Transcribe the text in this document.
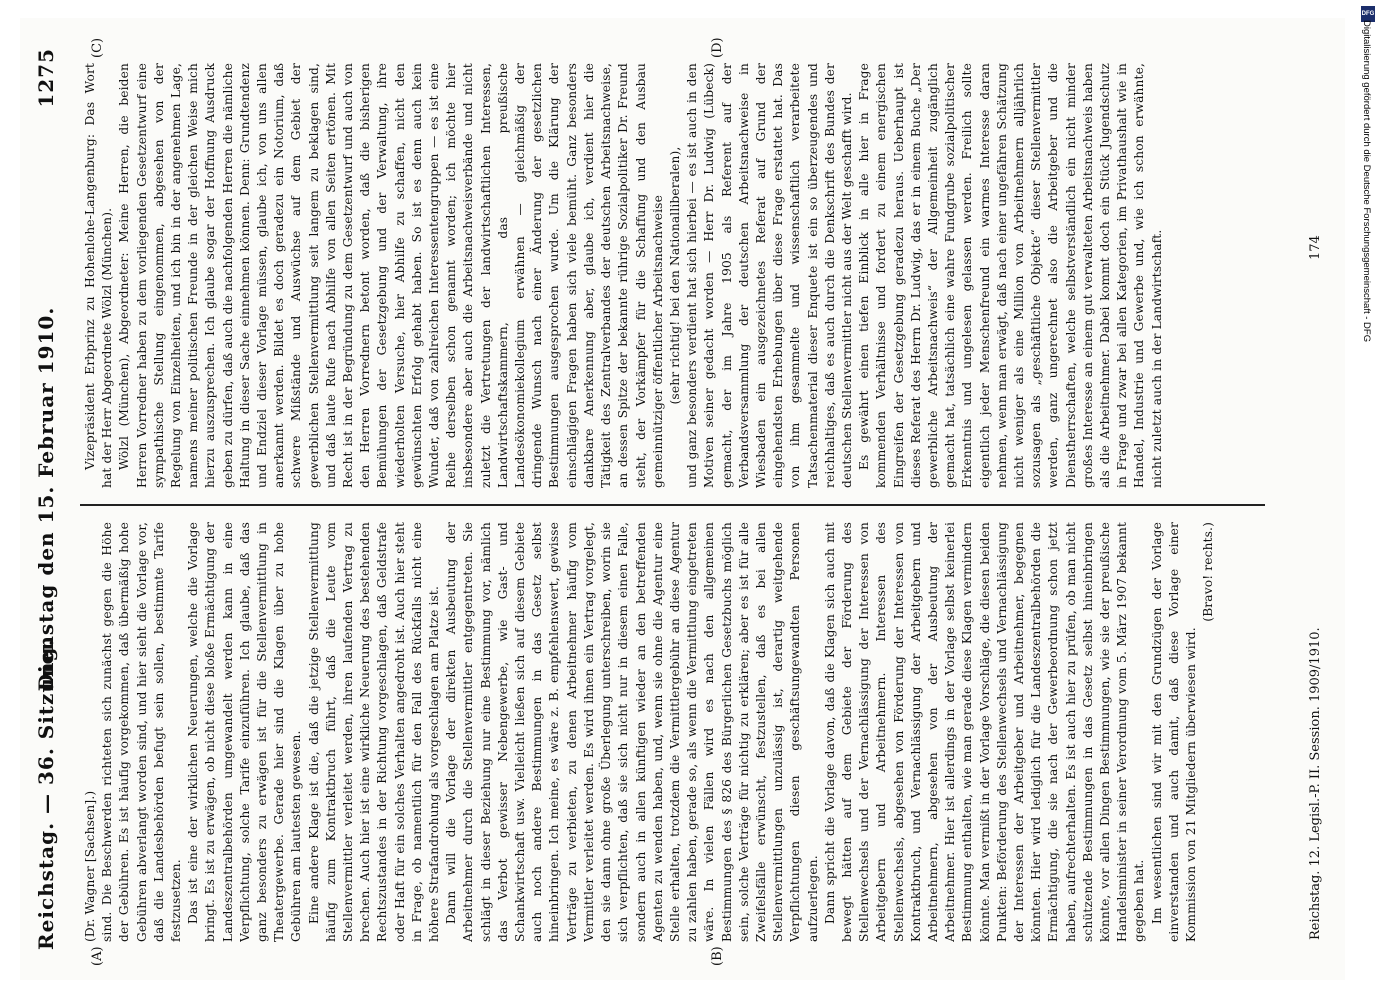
Reichstag. — 36. Sitzung.
Dienstag den 15. Februar 1910.
1275
(A)	(B)
(C)	(D)

(Dr. Wagner [Sachsen].) sind. Die Beschwerden richteten sich zunächst gegen die Höhe der Gebühren. Es ist häufig vorgekommen, daß übermäßig hohe Gebühren abverlangt worden sind, und hier sieht die Vorlage vor, daß die Landesbehörden befugt sein sollen, bestimmte Tarife festzusetzen. Das ist eine der wirklichen Neuerungen, welche die Vorlage bringt. Es ist zu erwägen, ob nicht diese bloße Ermächtigung der Landeszentralbehörden umgewandelt werden kann in eine Verpflichtung, solche Tarife einzuführen. Ich glaube, daß das ganz besonders zu erwägen ist für die Stellenvermittlung in Theatergewerbe. Gerade hier sind die Klagen über zu hohe Gebühren am lautesten gewesen. Eine andere Klage ist die, daß die jetzige Stellenvermittlung häufig zum Kontraktbruch führt, daß die Leute vom Stellenvermittler verleitet werden, ihren laufenden Vertrag zu brechen. Auch hier ist eine wirkliche Neuerung des bestehenden Rechtszustandes in der Richtung vorgeschlagen, daß Geldstrafe oder Haft für ein solches Verhalten angedroht ist. Auch hier steht in Frage, ob namentlich für den Fall des Rückfalls nicht eine höhere Strafandrohung als vorgeschlagen am Platze ist. Dann will die Vorlage der direkten Ausbeutung der Arbeitnehmer durch die Stellenvermittler entgegentreten. Sie schlägt in dieser Beziehung nur eine Bestimmung vor, nämlich das Verbot gewisser Nebengewerbe, wie Gast- und Schankwirtschaft usw. Vielleicht ließen sich auf diesem Gebiete auch noch andere Bestimmungen in das Gesetz selbst hineinbringen. Ich meine, es wäre z. B. empfehlenswert, gewisse Verträge zu verbieten, zu denen Arbeitnehmer häufig vom Vermittler verleitet werden. Es wird ihnen ein Vertrag vorgelegt, den sie dann ohne große Überlegung unterschreiben, worin sie sich verpflichten, daß sie sich nicht nur in diesem einen Falle, sondern auch in allen künftigen wieder an den betreffenden Agenten zu wenden haben, und, wenn sie ohne die Agentur eine Stelle erhalten, trotzdem die Vermittlergebühr an diese Agentur zu zahlen haben, gerade so, als wenn die Vermittlung eingetreten wäre. In vielen Fällen wird es nach den allgemeinen Bestimmungen des § 826 des Bürgerlichen Gesetzbuchs möglich sein, solche Verträge für nichtig zu erklären; aber es ist für alle Zweifelsfälle erwünscht, festzustellen, daß es bei allen Stellenvermittlungen unzulässig ist, derartig weitgehende Verpflichtungen diesen geschäftsungewandten Personen aufzuerlegen. Dann spricht die Vorlage davon, daß die Klagen sich auch mit bewegt hätten auf dem Gebiete der Förderung des Stellenwechsels und der Vernachlässigung der Interessen von Arbeitgebern und Arbeitnehmern. Interessen des Stellenwechsels, abgesehen von Förderung der Interessen von Kontraktbruch, und Vernachlässigung der Arbeitgebern und Arbeitnehmern, abgesehen von der Ausbeutung der Arbeitnehmer. Hier ist allerdings in der Vorlage selbst keinerlei Bestimmung enthalten, wie man gerade diese Klagen vermindern könnte. Man vermißt in der Vorlage Vorschläge, die diesen beiden Punkten: Beförderung des Stellenwechsels und Vernachlässigung der Interessen der Arbeitgeber und Arbeitnehmer, begegnen könnten. Hier wird lediglich für die Landeszentralbehörden die Ermächtigung, die sie nach der Gewerbeordnung schon jetzt haben, aufrechterhalten. Es ist auch hier zu prüfen, ob man nicht schützende Bestimmungen in das Gesetz selbst hineinbringen könnte, vor allen Dingen Bestimmungen, wie sie der preußische Handelsminister in seiner Verordnung vom 5. März 1907 bekannt gegeben hat. Im wesentlichen sind wir mit den Grundzügen der Vorlage einverstanden und auch damit, daß diese Vorlage einer Kommission von 21 Mitgliedern überwiesen wird.

(Bravo! rechts.)

Vizepräsident Erbprinz zu Hohenlohe-Langenburg: Das Wort hat der Herr Abgeordnete Wölzl (München). Wölzl (München), Abgeordneter: Meine Herren, die beiden Herren Vorredner haben zu dem vorliegenden Gesetzentwurf eine sympathische Stellung eingenommen, abgesehen von der Regelung von Einzelheiten, und ich bin in der angenehmen Lage, namens meiner politischen Freunde in der gleichen Weise mich hierzu auszusprechen. Ich glaube sogar der Hoffnung Ausdruck geben zu dürfen, daß auch die nachfolgenden Herren die nämliche Haltung in dieser Sache einnehmen können. Denn: Grundtendenz und Endziel dieser Vorlage müssen, glaube ich, von uns allen anerkannt werden. Bildet es doch geradezu ein Notorium, daß schwere Mißstände und Auswüchse auf dem Gebiet der gewerblichen Stellenvermittlung seit langem zu beklagen sind, und daß laute Rufe nach Abhilfe von allen Seiten ertönen. Mit Recht ist in der Begründung zu dem Gesetzentwurf und auch von den Herren Vorrednern betont worden, daß die bisherigen Bemühungen der Gesetzgebung und der Verwaltung, ihre wiederholten Versuche, hier Abhilfe zu schaffen, nicht den gewünschten Erfolg gehabt haben. So ist es denn auch kein Wunder, daß von zahlreichen Interessentengruppen — es ist eine Reihe derselben schon genannt worden; ich möchte hier insbesondere aber auch die Arbeitsnachweisverbände und nicht zuletzt die Vertretungen der landwirtschaftlichen Interessen, Landwirtschaftskammern, das preußische Landesökonomiekollegium erwähnen — gleichmäßig der dringende Wunsch nach einer Änderung der gesetzlichen Bestimmungen ausgesprochen wurde. Um die Klärung der einschlägigen Fragen haben sich viele bemüht. Ganz besonders dankbare Anerkennung aber, glaube ich, verdient hier die Tätigkeit des Zentralverbandes der deutschen Arbeitsnachweise, an dessen Spitze der bekannte rührige Sozialpolitiker Dr. Freund steht, der Vorkämpfer für die Schaffung und den Ausbau gemeinnütziger öffentlicher Arbeitsnachweise (sehr richtig! bei den Nationalliberalen), und ganz besonders verdient hat sich hierbei — es ist auch in den Motiven seiner gedacht worden — Herr Dr. Ludwig (Lübeck) gemacht, der im Jahre 1905 als Referent auf der Verbandsversammlung der deutschen Arbeitsnachweise in Wiesbaden ein ausgezeichnetes Referat auf Grund der eingehendsten Erhebungen über diese Frage erstattet hat. Das von ihm gesammelte und wissenschaftlich verarbeitete Tatsachenmaterial dieser Enquete ist ein so überzeugendes und reichhaltiges, daß es auch durch die Denkschrift des Bundes der deutschen Stellenvermittler nicht aus der Welt geschafft wird. Es gewährt einen tiefen Einblick in alle hier in Frage kommenden Verhältnisse und fordert zu einem energischen Eingreifen der Gesetzgebung geradezu heraus. Ueberhaupt ist dieses Referat des Herrn Dr. Ludwig, das er in einem Buche „Der gewerbliche Arbeitsnachweis“ der Allgemeinheit zugänglich gemacht hat, tatsächlich eine wahre Fundgrube sozialpolitischer Erkenntnis und ungelesen gelassen werden. Freilich sollte eigentlich jeder Menschenfreund ein warmes Interesse daran nehmen, wenn man erwägt, daß nach einer ungefähren Schätzung nicht weniger als eine Million von Arbeitnehmern alljährlich sozusagen als „geschäftliche Objekte“ dieser Stellenvermittler werden, ganz ungerechnet also die Arbeitgeber und die Dienstherrschaften, welche selbstverständlich ein nicht minder großes Interesse an einem gut verwalteten Arbeitsnachweis haben als die Arbeitnehmer. Dabei kommt doch ein Stück Jugendschutz in Frage und zwar bei allen Kategorien, im Privathaushalt wie in Handel, Industrie und Gewerbe und, wie ich schon erwähnte, nicht zuletzt auch in der Landwirtschaft.

Reichstag. 12. Legisl.-P. II. Session. 1909/1910.
174
DFG
Digitalisierung gefördert durch die Deutsche Forschungsgemeinschaft - DFG
